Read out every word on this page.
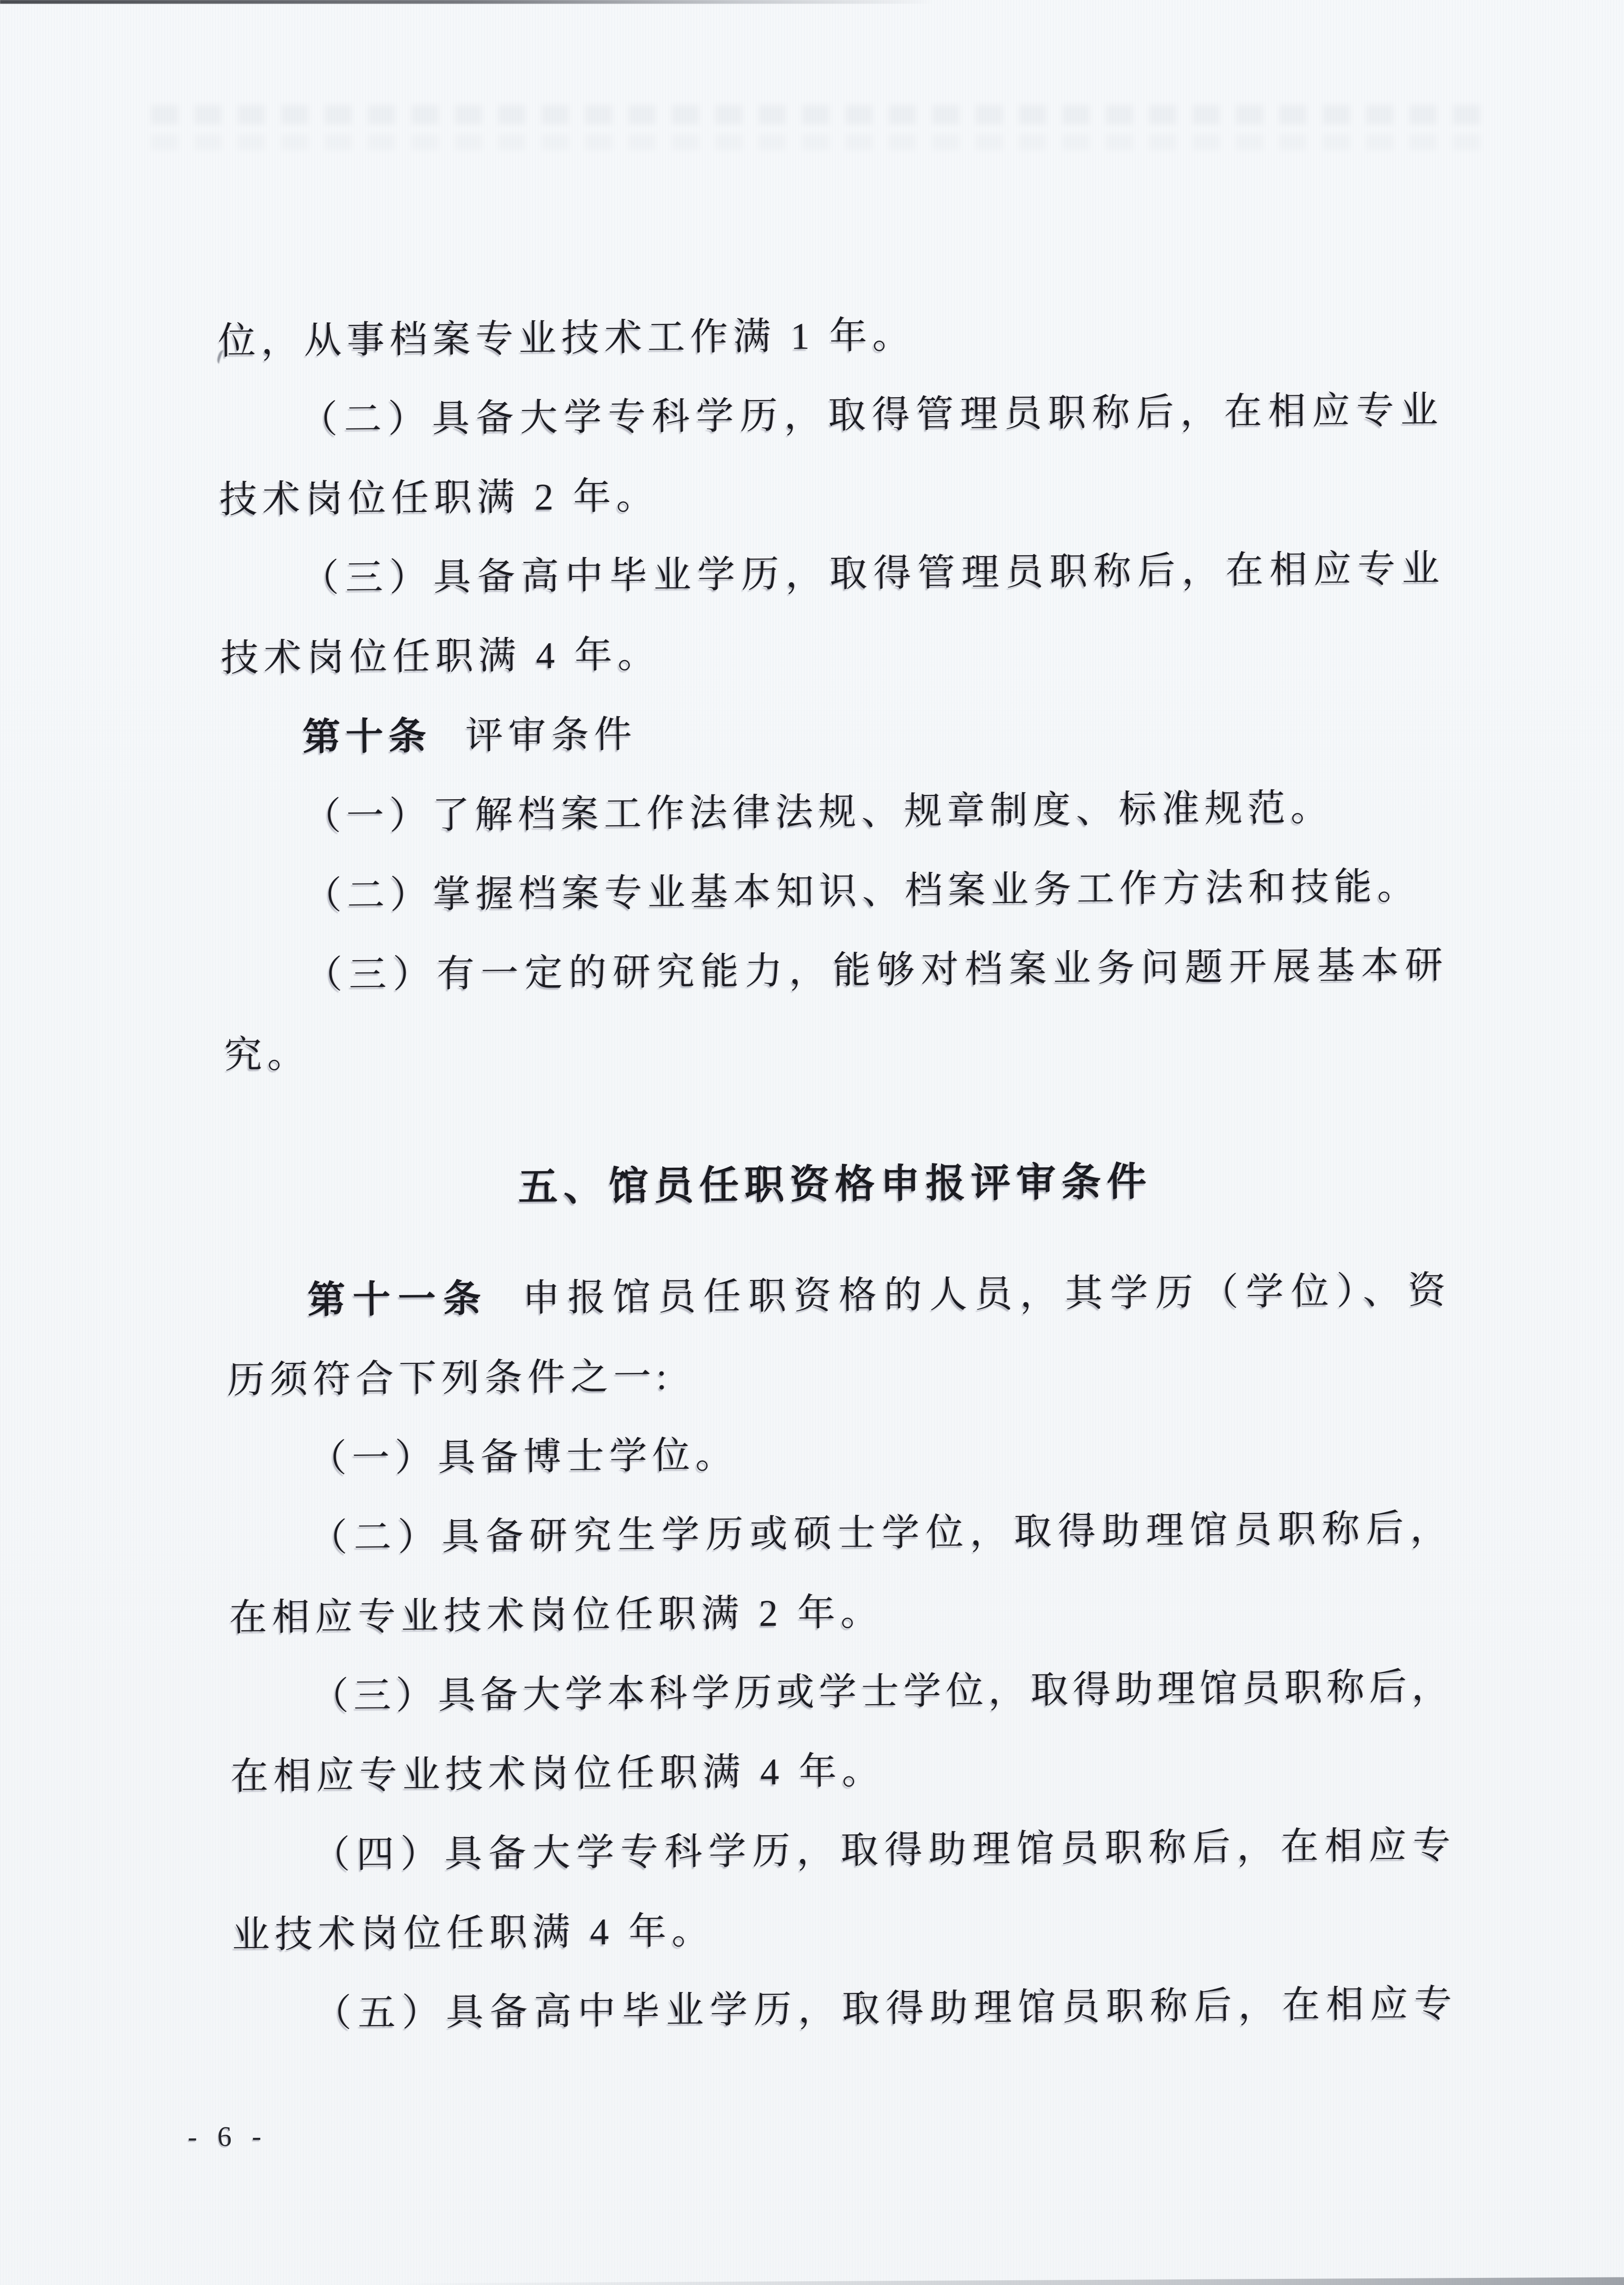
位，从事档案专业技术工作满 1 年。
（二）具备大学专科学历，取得管理员职称后，在相应专业
技术岗位任职满 2 年。
（三）具备高中毕业学历，取得管理员职称后，在相应专业
技术岗位任职满 4 年。
第十条 评审条件
（一）了解档案工作法律法规、规章制度、标准规范。
（二）掌握档案专业基本知识、档案业务工作方法和技能。
（三）有一定的研究能力，能够对档案业务问题开展基本研
究。
五、馆员任职资格申报评审条件
第十一条 申报馆员任职资格的人员，其学历（学位）、资
历须符合下列条件之一:
（一）具备博士学位。
（二）具备研究生学历或硕士学位，取得助理馆员职称后，
在相应专业技术岗位任职满 2 年。
（三）具备大学本科学历或学士学位，取得助理馆员职称后，
在相应专业技术岗位任职满 4 年。
（四）具备大学专科学历，取得助理馆员职称后，在相应专
业技术岗位任职满 4 年。
（五）具备高中毕业学历，取得助理馆员职称后，在相应专
- 6 -
